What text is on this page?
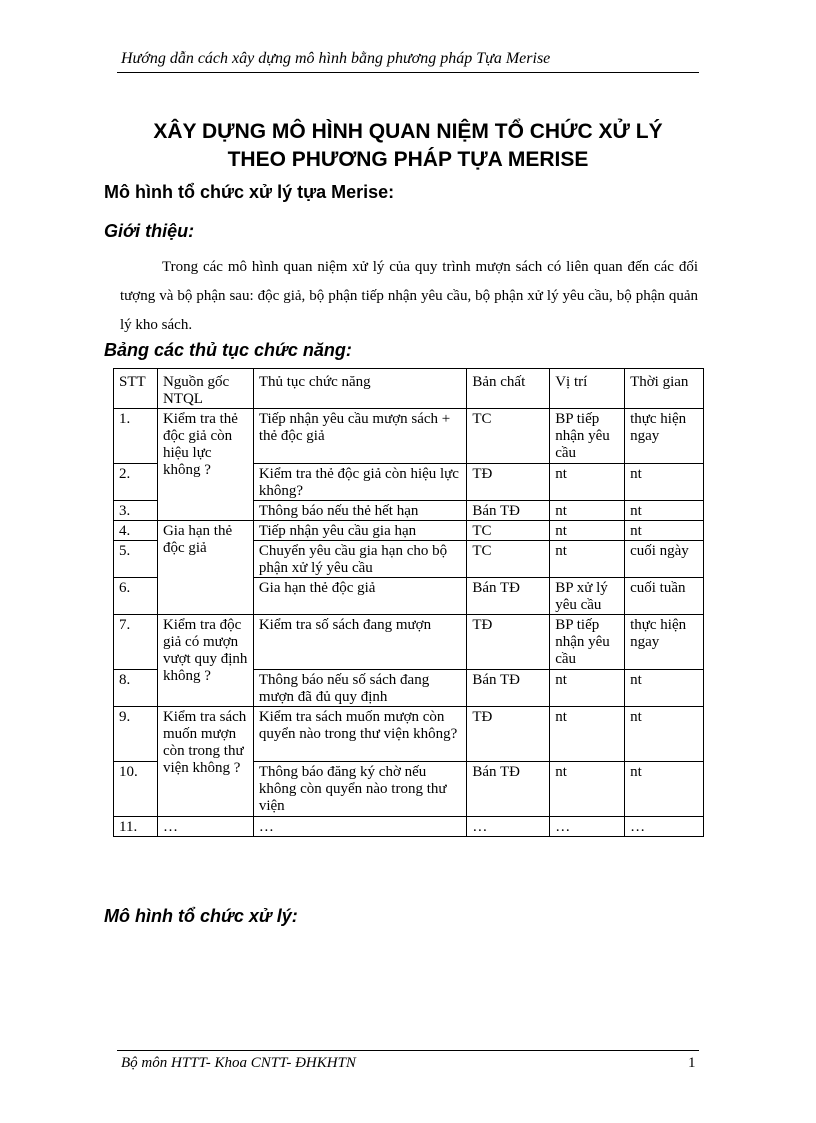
Hướng dẫn cách xây dựng mô hình bằng phương pháp Tựa Merise
XÂY DỰNG MÔ HÌNH QUAN NIỆM TỔ CHỨC XỬ LÝ
THEO PHƯƠNG PHÁP TỰA MERISE
Mô hình tổ chức xử lý tựa Merise:
Giới thiệu:
Trong các mô hình quan niệm xử lý của quy trình mượn sách có liên quan đến các đối tượng và bộ phận sau: độc giả, bộ phận tiếp nhận yêu cầu, bộ phận xử lý yêu cầu, bộ phận quản lý kho sách.
Bảng các thủ tục chức năng:
STT	Nguồn gốc NTQL	Thủ tục chức năng	Bản chất	Vị trí	Thời gian
1.	Kiểm tra thẻ độc giả còn hiệu lực không ?	Tiếp nhận yêu cầu mượn sách + thẻ độc giả	TC	BP tiếp nhận yêu cầu	thực hiện ngay
2.		Kiểm tra thẻ độc giả còn hiệu lực không?	TĐ	nt	nt
3.		Thông báo nếu thẻ hết hạn	Bán TĐ	nt	nt
4.	Gia hạn thẻ độc giả	Tiếp nhận yêu cầu gia hạn	TC	nt	nt
5.		Chuyển yêu cầu gia hạn cho bộ phận xử lý yêu cầu	TC	nt	cuối ngày
6.		Gia hạn thẻ độc giả	Bán TĐ	BP xử lý yêu cầu	cuối tuần
7.	Kiểm tra độc giả có mượn vượt quy định không ?	Kiểm tra số sách đang mượn	TĐ	BP tiếp nhận yêu cầu	thực hiện ngay
8.		Thông báo nếu số sách đang mượn đã đủ quy định	Bán TĐ	nt	nt
9.	Kiểm tra sách muốn mượn còn trong thư viện không ?	Kiểm tra sách muốn mượn còn quyển nào trong thư viện không?	TĐ	nt	nt
10.		Thông báo đăng ký chờ nếu không còn quyển nào trong thư viện	Bán TĐ	nt	nt
11.	…	…	…	…	…
Mô hình tổ chức xử lý:
Bộ môn HTTT- Khoa CNTT- ĐHKHTN	1
